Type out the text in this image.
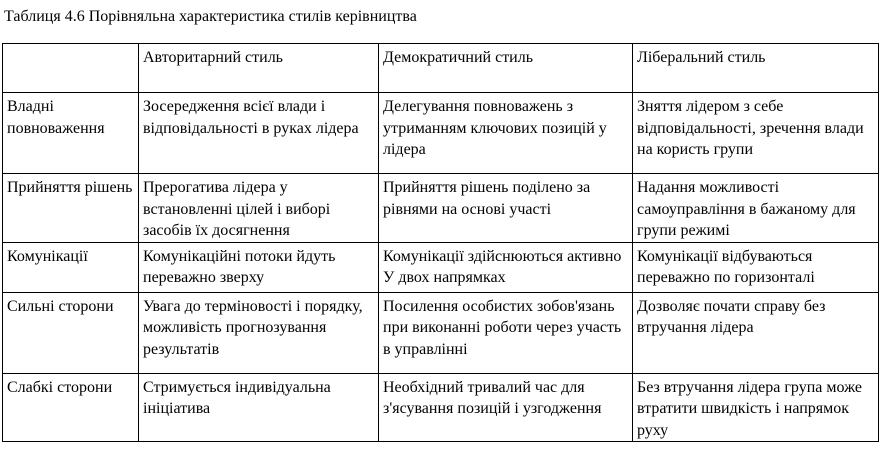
Таблиця 4.6 Порівняльна характеристика стилів керівництва
	Авторитарний стиль	Демократичний стиль	Ліберальний стиль
Владні повноваження	Зосередження всієї влади і відповідальності в руках лідера	Делегування повноважень з утриманням ключових позицій у лідера	Зняття лідером з себе відповідальності, зречення влади на користь групи
Прийняття рішень	Прерогатива лідера у встановленні цілей і виборі засобів їх досягнення	Прийняття рішень поділено за рівнями на основі участі	Надання можливості самоуправління в бажаному для групи режимі
Комунікації	Комунікаційні потоки йдуть переважно зверху	Комунікації здійснюються активно У двох напрямках	Комунікації відбуваються переважно по горизонталі
Сильні сторони	Увага до терміновості і порядку, можливість прогнозування результатів	Посилення особистих зобов'язань при виконанні роботи через участь в управлінні	Дозволяє почати справу без втручання лідера
Слабкі сторони	Стримується індивідуальна ініціатива	Необхідний тривалий час для з'ясування позицій і узгодження	Без втручання лідера група може втратити швидкість і напрямок руху
